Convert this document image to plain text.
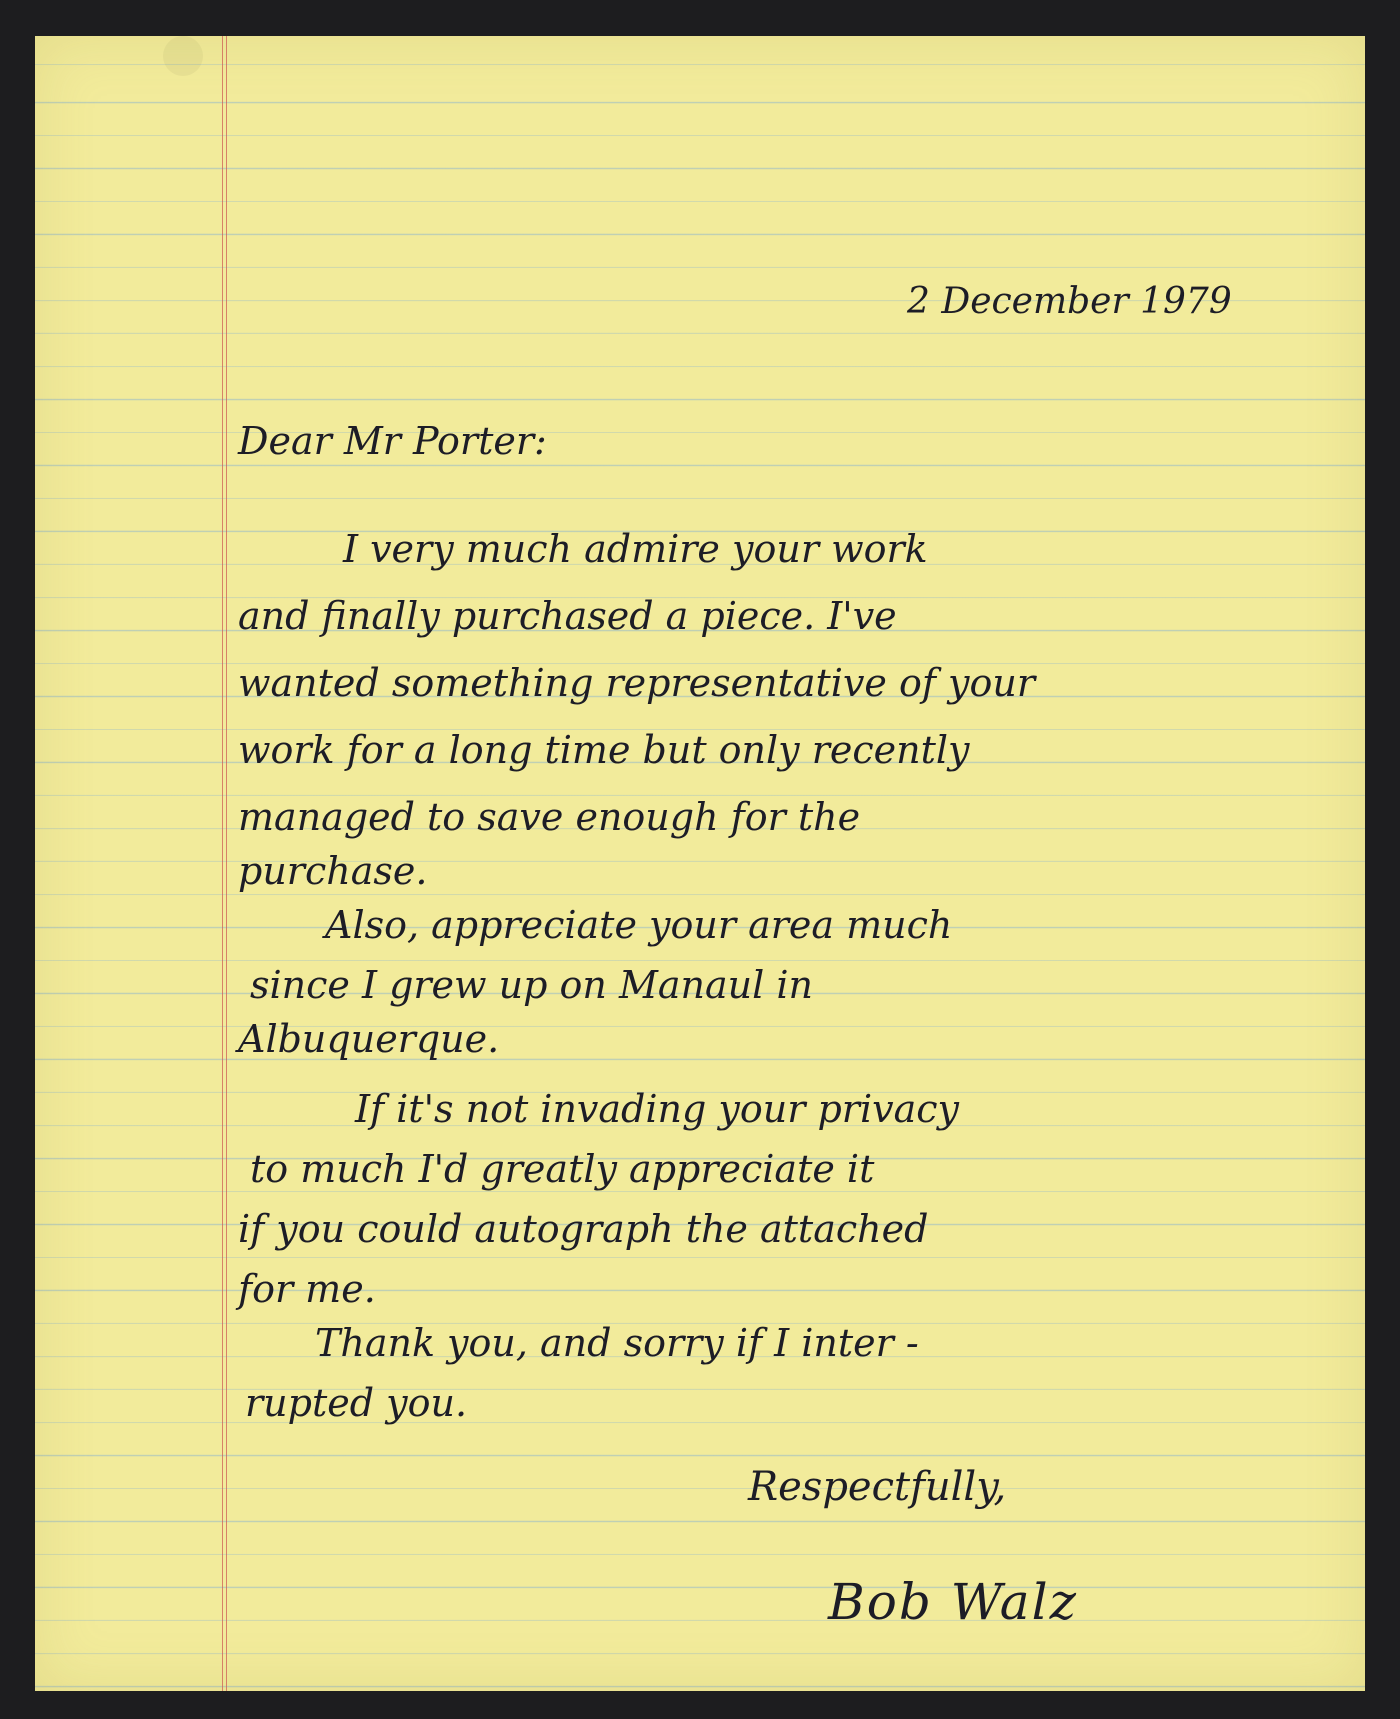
2 December 1979
Dear Mr Porter:
I very much admire your work
and finally purchased a piece. I've
wanted something representative of your
work for a long time but only recently
managed to save enough for the
purchase.
Also, appreciate your area much
since I grew up on Manaul in
Albuquerque.
If it's not invading your privacy
to much I'd greatly appreciate it
if you could autograph the attached
for me.
Thank you, and sorry if I inter -
rupted you.
Respectfully,
Bob Walz
